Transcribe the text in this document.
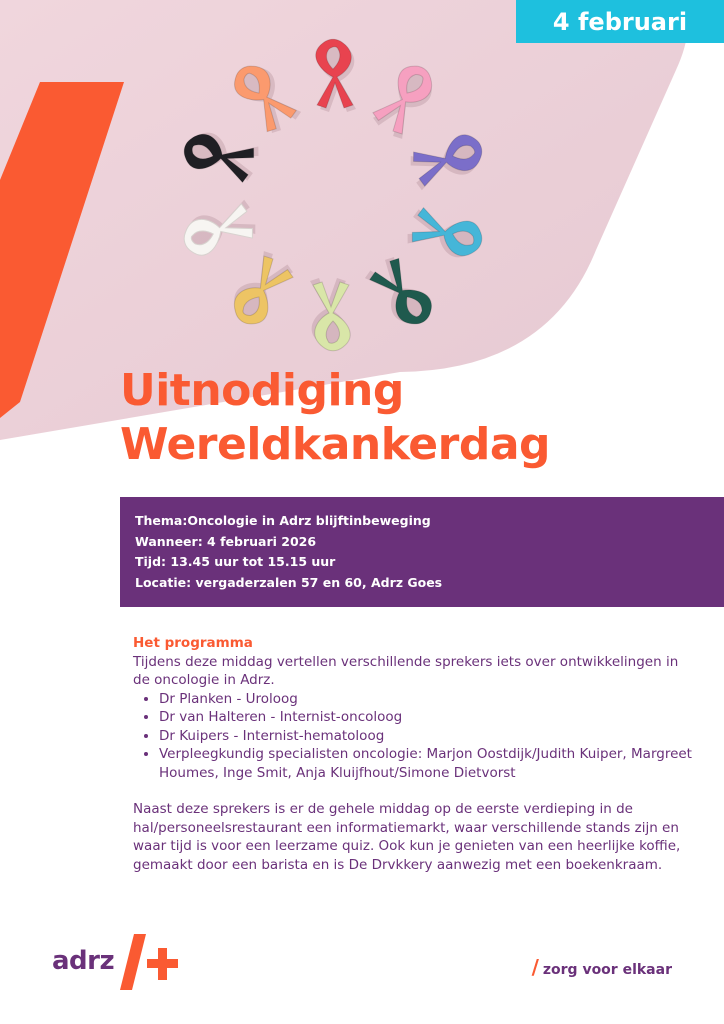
4 februari
Uitnodiging
Wereldkankerdag
Thema:Oncologie in Adrz blijftinbeweging
Wanneer: 4 februari 2026
Tijd: 13.45 uur tot 15.15 uur
Locatie: vergaderzalen 57 en 60, Adrz Goes
Het programma

Tijdens deze middag vertellen verschillende sprekers iets over ontwikkelingen in de oncologie in Adrz.

• Dr Planken - Uroloog
• Dr van Halteren - Internist-oncoloog
• Dr Kuipers - Internist-hematoloog
• Verpleegkundig specialisten oncologie: Marjon Oostdijk/Judith Kuiper, Margreet Houmes, Inge Smit, Anja Kluijfhout/Simone Dietvorst

Naast deze sprekers is er de gehele middag op de eerste verdieping in de hal/personeelsrestaurant een informatiemarkt, waar verschillende stands zijn en waar tijd is voor een leerzame quiz. Ook kun je genieten van een heerlijke koffie, gemaakt door een barista en is De Drvkkery aanwezig met een boekenkraam.

adrz	/ zorg voor elkaar
